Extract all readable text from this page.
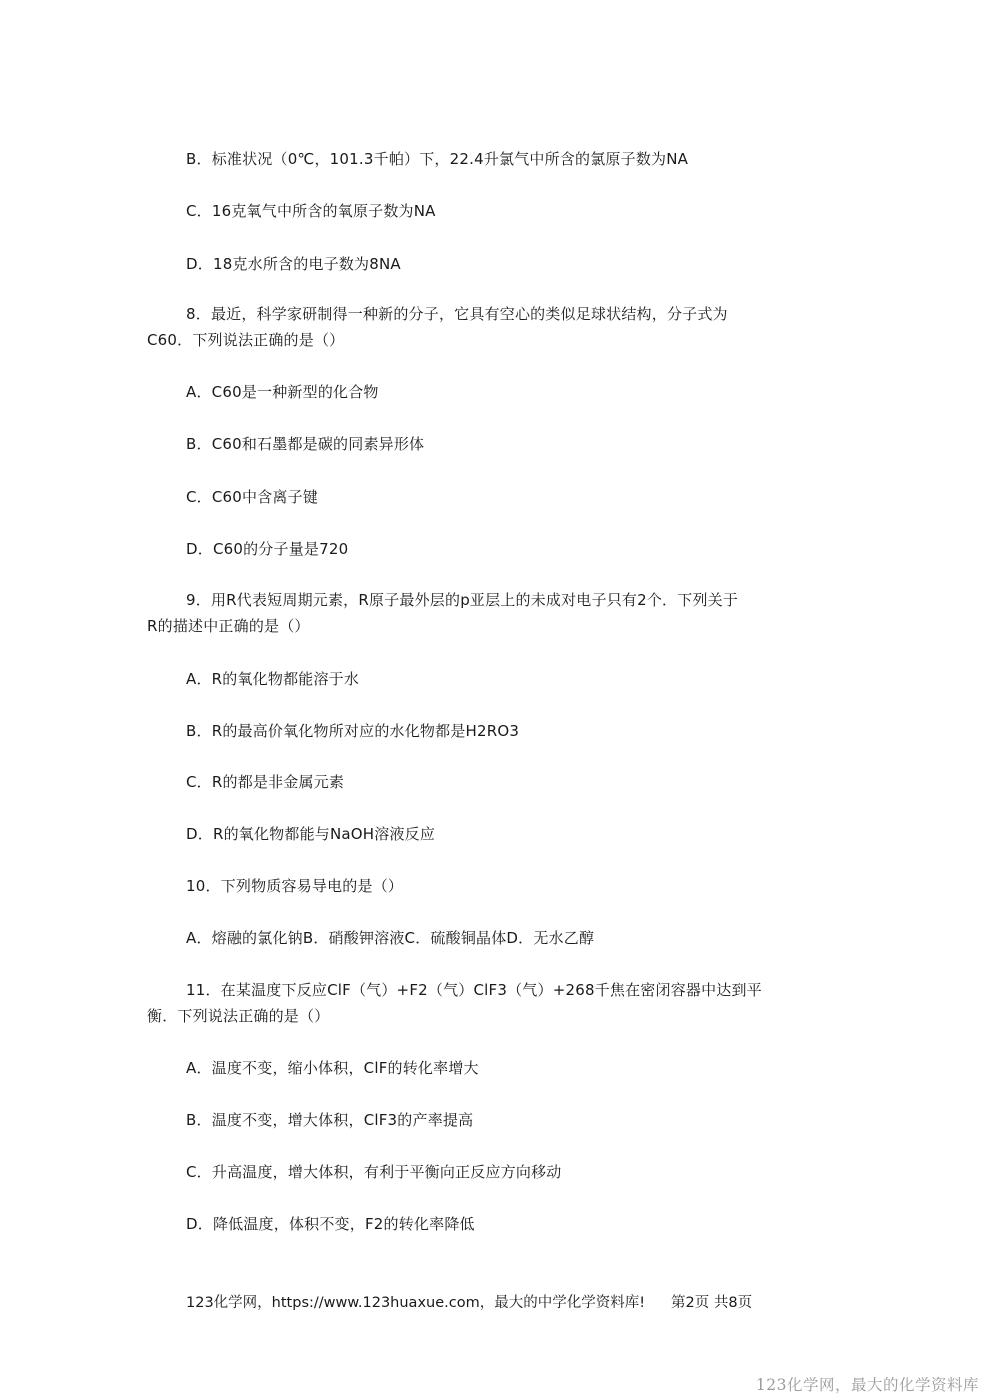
B．标准状况（0℃，101.3千帕）下，22.4升氯气中所含的氯原子数为NA
C．16克氧气中所含的氧原子数为NA
D．18克水所含的电子数为8NA
8．最近，科学家研制得一种新的分子，它具有空心的类似足球状结构，分子式为
C60．下列说法正确的是（）
A．C60是一种新型的化合物
B．C60和石墨都是碳的同素异形体
C．C60中含离子键
D．C60的分子量是720
9．用R代表短周期元素，R原子最外层的p亚层上的未成对电子只有2个．下列关于
R的描述中正确的是（）
A．R的氧化物都能溶于水
B．R的最高价氧化物所对应的水化物都是H2RO3
C．R的都是非金属元素
D．R的氧化物都能与NaOH溶液反应
10．下列物质容易导电的是（）
A．熔融的氯化钠B．硝酸钾溶液C．硫酸铜晶体D．无水乙醇
11．在某温度下反应ClF（气）+F2（气）ClF3（气）+268千焦在密闭容器中达到平
衡．下列说法正确的是（）
A．温度不变，缩小体积，ClF的转化率增大
B．温度不变，增大体积，ClF3的产率提高
C．升高温度，增大体积，有利于平衡向正反应方向移动
D．降低温度，体积不变，F2的转化率降低
123化学网，https://www.123huaxue.com，最大的中学化学资料库! 第2页 共8页
123化学网，最大的化学资料库
